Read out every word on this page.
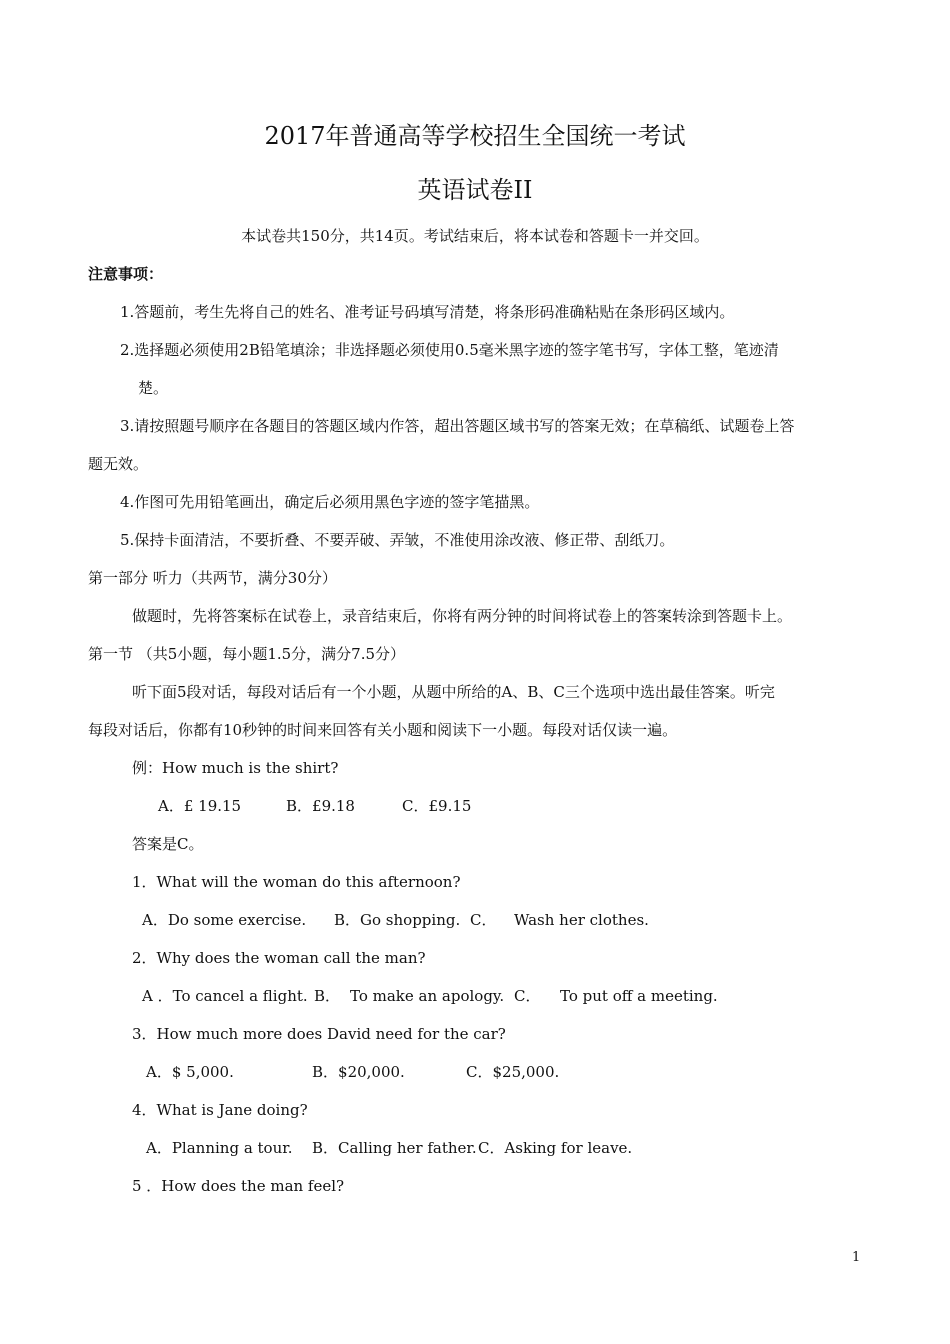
2017年普通高等学校招生全国统一考试
英语试卷II
本试卷共150分，共14页。考试结束后，将本试卷和答题卡一并交回。
注意事项：
1.答题前，考生先将自己的姓名、准考证号码填写清楚，将条形码准确粘贴在条形码区域内。
2.选择题必须使用2B铅笔填涂；非选择题必须使用0.5毫米黑字迹的签字笔书写，字体工整，笔迹清
楚。
3.请按照题号顺序在各题目的答题区域内作答，超出答题区域书写的答案无效；在草稿纸、试题卷上答
题无效。
4.作图可先用铅笔画出，确定后必须用黑色字迹的签字笔描黑。
5.保持卡面清洁，不要折叠、不要弄破、弄皱，不准使用涂改液、修正带、刮纸刀。
第一部分 听力（共两节，满分30分）
做题时，先将答案标在试卷上，录音结束后，你将有两分钟的时间将试卷上的答案转涂到答题卡上。
第一节 （共5小题，每小题1.5分，满分7.5分）
听下面5段对话，每段对话后有一个小题，从题中所给的A、B、C三个选项中选出最佳答案。听完
每段对话后，你都有10秒钟的时间来回答有关小题和阅读下一小题。每段对话仅读一遍。
例：How much is the shirt?
A．£ 19.15	B．£9.18	C．£9.15
答案是C。
1．What will the woman do this afternoon?
A．Do some exercise. B．Go shopping. C． Wash her clothes.
2．Why does the woman call the man?
A ．To cancel a flight. B． To make an apology. C． To put off a meeting.
3．How much more does David need for the car?
A．$ 5,000.	B．$20,000.	C．$25,000.
4．What is Jane doing?
A．Planning a tour. B．Calling her father. C．Asking for leave.
5 ．How does the man feel?
1
